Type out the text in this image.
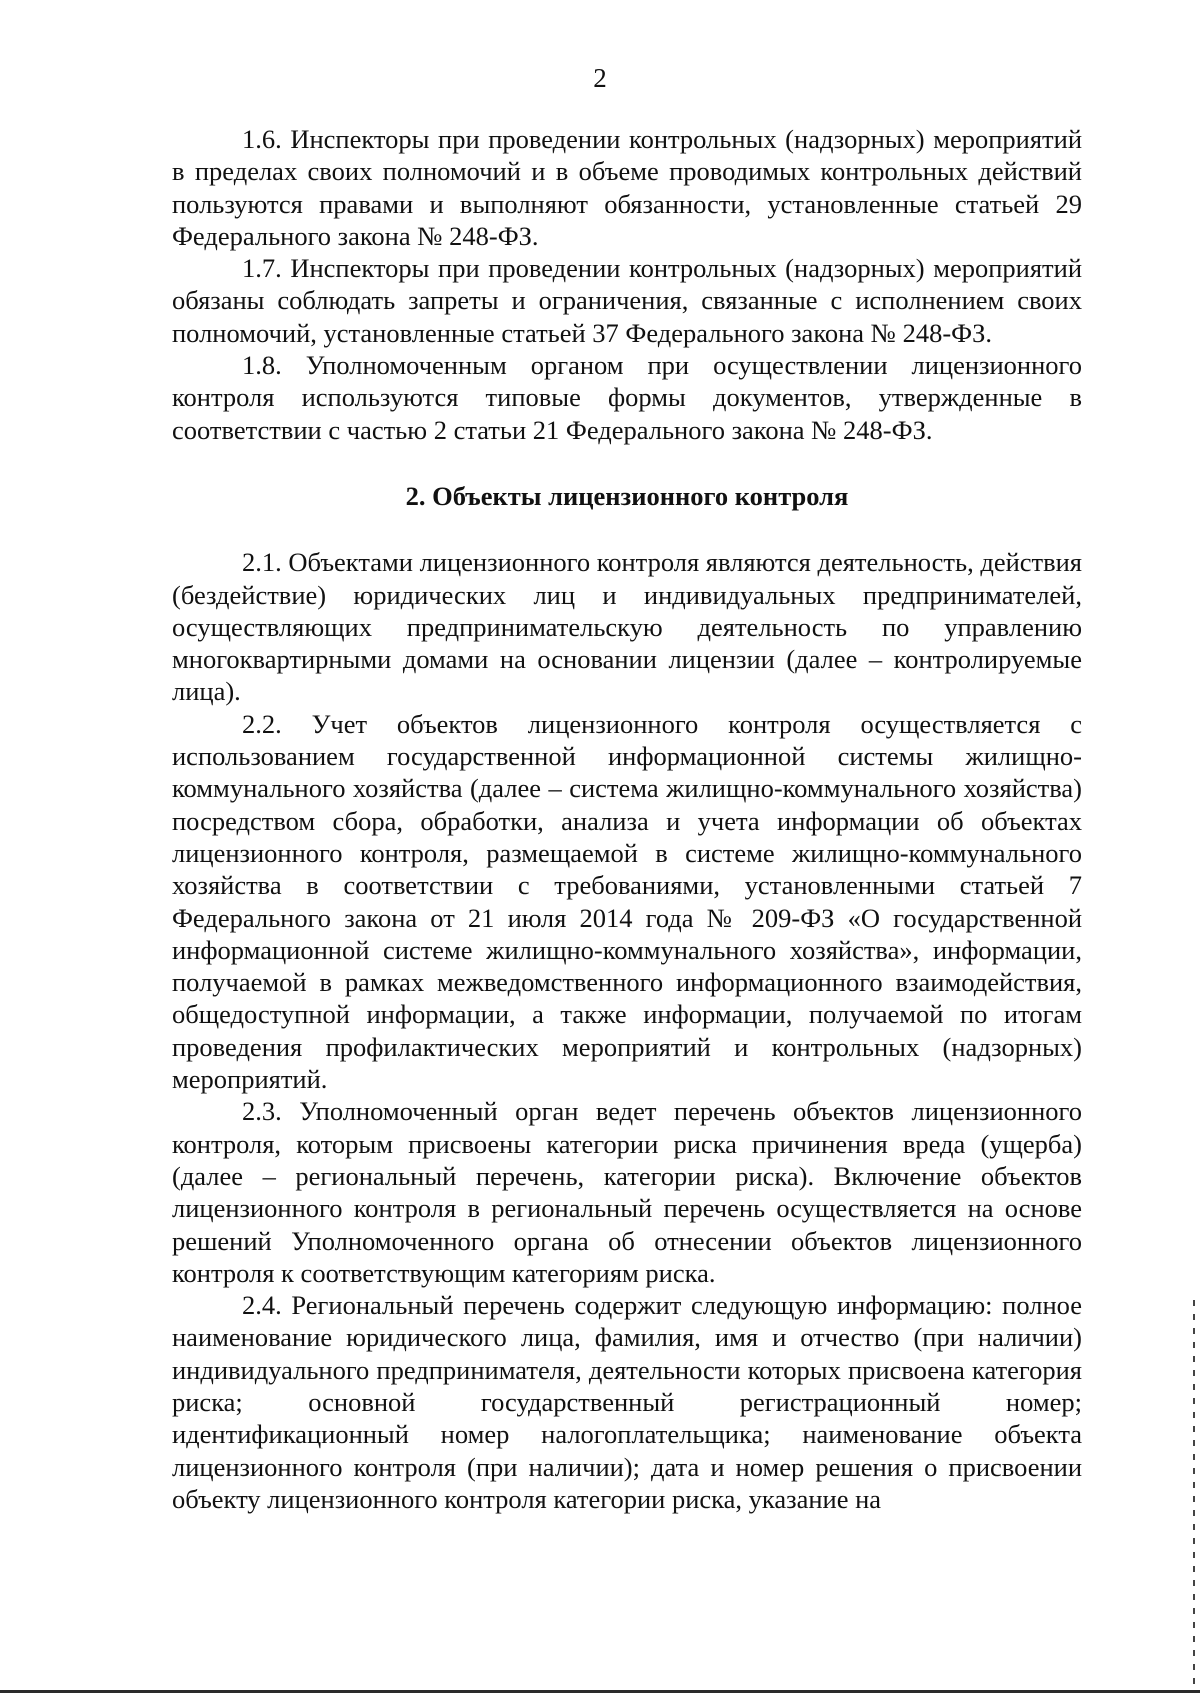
2

1.6. Инспекторы при проведении контрольных (надзорных) мероприятий в пределах своих полномочий и в объеме проводимых контрольных действий пользуются правами и выполняют обязанности, установленные статьей 29 Федерального закона № 248-ФЗ.

1.7. Инспекторы при проведении контрольных (надзорных) мероприятий обязаны соблюдать запреты и ограничения, связанные с исполнением своих полномочий, установленные статьей 37 Федерального закона № 248-ФЗ.

1.8. Уполномоченным органом при осуществлении лицензионного контроля используются типовые формы документов, утвержденные в соответствии с частью 2 статьи 21 Федерального закона № 248-ФЗ.

2. Объекты лицензионного контроля

2.1. Объектами лицензионного контроля являются деятельность, действия (бездействие) юридических лиц и индивидуальных предпринимателей, осуществляющих предпринимательскую деятельность по управлению многоквартирными домами на основании лицензии (далее – контролируемые лица).

2.2. Учет объектов лицензионного контроля осуществляется с использованием государственной информационной системы жилищно-коммунального хозяйства (далее – система жилищно-коммунального хозяйства) посредством сбора, обработки, анализа и учета информации об объектах лицензионного контроля, размещаемой в системе жилищно-коммунального хозяйства в соответствии с требованиями, установленными статьей 7 Федерального закона от 21 июля 2014 года № 209-ФЗ «О государственной информационной системе жилищно-коммунального хозяйства», информации, получаемой в рамках межведомственного информационного взаимодействия, общедоступной информации, а также информации, получаемой по итогам проведения профилактических мероприятий и контрольных (надзорных) мероприятий.

2.3. Уполномоченный орган ведет перечень объектов лицензионного контроля, которым присвоены категории риска причинения вреда (ущерба) (далее – региональный перечень, категории риска). Включение объектов лицензионного контроля в региональный перечень осуществляется на основе решений Уполномоченного органа об отнесении объектов лицензионного контроля к соответствующим категориям риска.

2.4. Региональный перечень содержит следующую информацию: полное наименование юридического лица, фамилия, имя и отчество (при наличии) индивидуального предпринимателя, деятельности которых присвоена категория риска; основной государственный регистрационный номер; идентификационный номер налогоплательщика; наименование объекта лицензионного контроля (при наличии); дата и номер решения о присвоении объекту лицензионного контроля категории риска, указание на
